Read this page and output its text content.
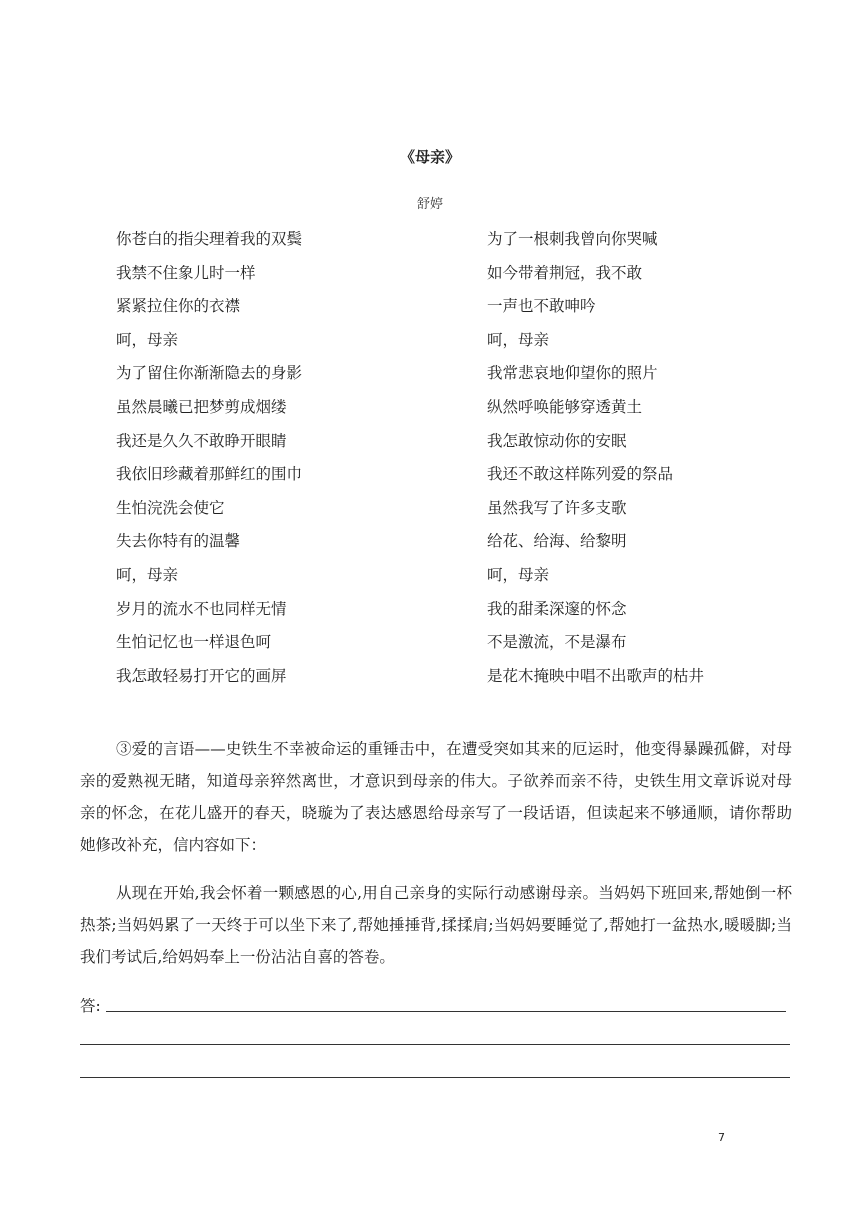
《母亲》
舒婷
你苍白的指尖理着我的双鬓
我禁不住象儿时一样
紧紧拉住你的衣襟
呵，母亲
为了留住你渐渐隐去的身影
虽然晨曦已把梦剪成烟缕
我还是久久不敢睁开眼睛
我依旧珍藏着那鲜红的围巾
生怕浣洗会使它
失去你特有的温馨
呵，母亲
岁月的流水不也同样无情
生怕记忆也一样退色呵
我怎敢轻易打开它的画屏
为了一根刺我曾向你哭喊
如今带着荆冠，我不敢
一声也不敢呻吟
呵，母亲
我常悲哀地仰望你的照片
纵然呼唤能够穿透黄土
我怎敢惊动你的安眠
我还不敢这样陈列爱的祭品
虽然我写了许多支歌
给花、给海、给黎明
呵，母亲
我的甜柔深邃的怀念
不是激流，不是瀑布
是花木掩映中唱不出歌声的枯井
③爱的言语——史铁生不幸被命运的重锤击中，在遭受突如其来的厄运时，他变得暴躁孤僻，对母亲的爱熟视无睹，知道母亲猝然离世，才意识到母亲的伟大。子欲养而亲不待，史铁生用文章诉说对母亲的怀念，在花儿盛开的春天，晓璇为了表达感恩给母亲写了一段话语，但读起来不够通顺，请你帮助她修改补充，信内容如下：
从现在开始,我会怀着一颗感恩的心,用自己亲身的实际行动感谢母亲。当妈妈下班回来,帮她倒一杯热茶;当妈妈累了一天终于可以坐下来了,帮她捶捶背,揉揉肩;当妈妈要睡觉了,帮她打一盆热水,暖暖脚;当我们考试后,给妈妈奉上一份沾沾自喜的答卷。
答:
7
